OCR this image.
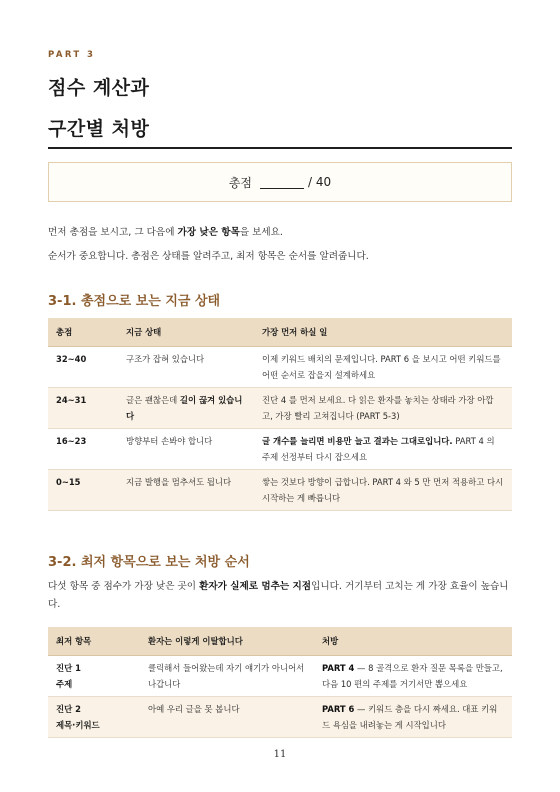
PART 3
점수 계산과
구간별 처방
총점	/ 40
먼저 총점을 보시고, 그 다음에 가장 낮은 항목을 보세요.
순서가 중요합니다. 총점은 상태를 알려주고, 최저 항목은 순서를 알려줍니다.
3-1. 총점으로 보는 지금 상태
총점	지금 상태	가장 먼저 하실 일
32~40	구조가 잡혀 있습니다	이제 키워드 배치의 문제입니다. PART 6 을 보시고 어떤 키워드를 어떤 순서로 잡을지 설계하세요
24~31	글은 괜찮은데 길이 끊겨 있습니다	진단 4 를 먼저 보세요. 다 읽은 환자를 놓치는 상태라 가장 아깝고, 가장 빨리 고쳐집니다 (PART 5-3)
16~23	방향부터 손봐야 합니다	글 개수를 늘리면 비용만 늘고 결과는 그대로입니다. PART 4 의 주제 선정부터 다시 잡으세요
0~15	지금 발행을 멈추셔도 됩니다	쌓는 것보다 방향이 급합니다. PART 4 와 5 만 먼저 적용하고 다시 시작하는 게 빠릅니다
3-2. 최저 항목으로 보는 처방 순서
다섯 항목 중 점수가 가장 낮은 곳이 환자가 실제로 멈추는 지점입니다. 거기부터 고치는 게 가장 효율이 높습니다.
최저 항목	환자는 이렇게 이탈합니다	처방

진단 1
주제	클릭해서 들어왔는데 자기 얘기가 아니어서 나갑니다	PART 4 — 8 골격으로 환자 질문 목록을 만들고, 다음 10 편의 주제를 거기서만 뽑으세요

진단 2
제목·키워드	아예 우리 글을 못 봅니다	PART 6 — 키워드 층을 다시 짜세요. 대표 키워드 욕심을 내려놓는 게 시작입니다
11
